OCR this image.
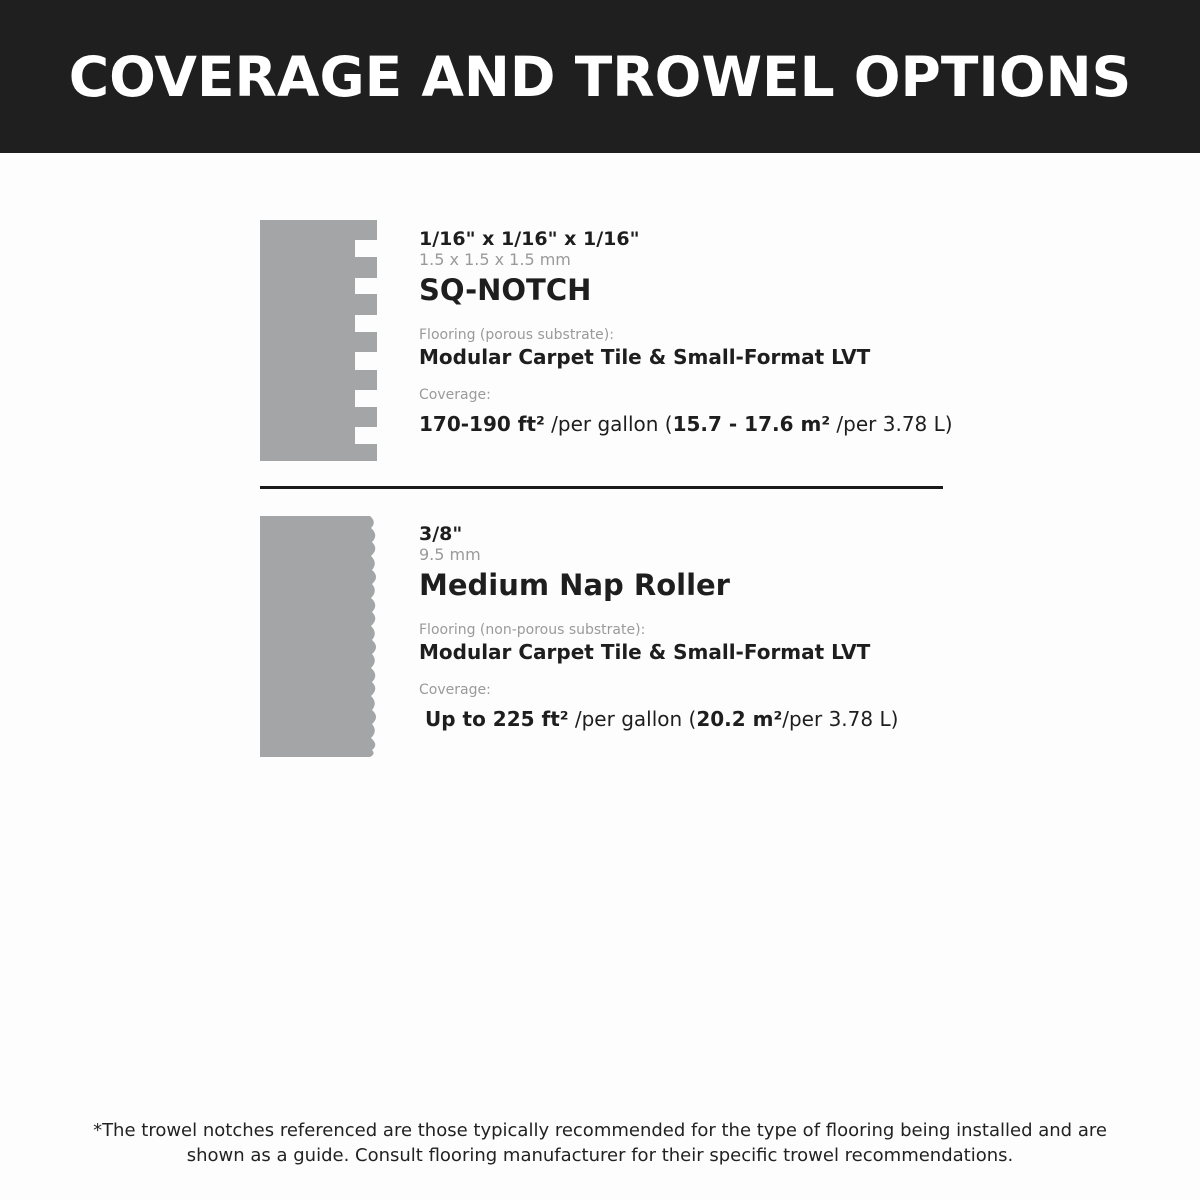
COVERAGE AND TROWEL OPTIONS
1/16" x 1/16" x 1/16"
1.5 x 1.5 x 1.5 mm
SQ-NOTCH
Flooring (porous substrate):
Modular Carpet Tile & Small-Format LVT
Coverage:
170-190 ft² /per gallon (15.7 - 17.6 m² /per 3.78 L)
3/8"
9.5 mm
Medium Nap Roller
Flooring (non-porous substrate):
Modular Carpet Tile & Small-Format LVT
Coverage:
Up to 225 ft² /per gallon (20.2 m²/per 3.78 L)
*The trowel notches referenced are those typically recommended for the type of flooring being installed and are
shown as a guide. Consult flooring manufacturer for their specific trowel recommendations.
